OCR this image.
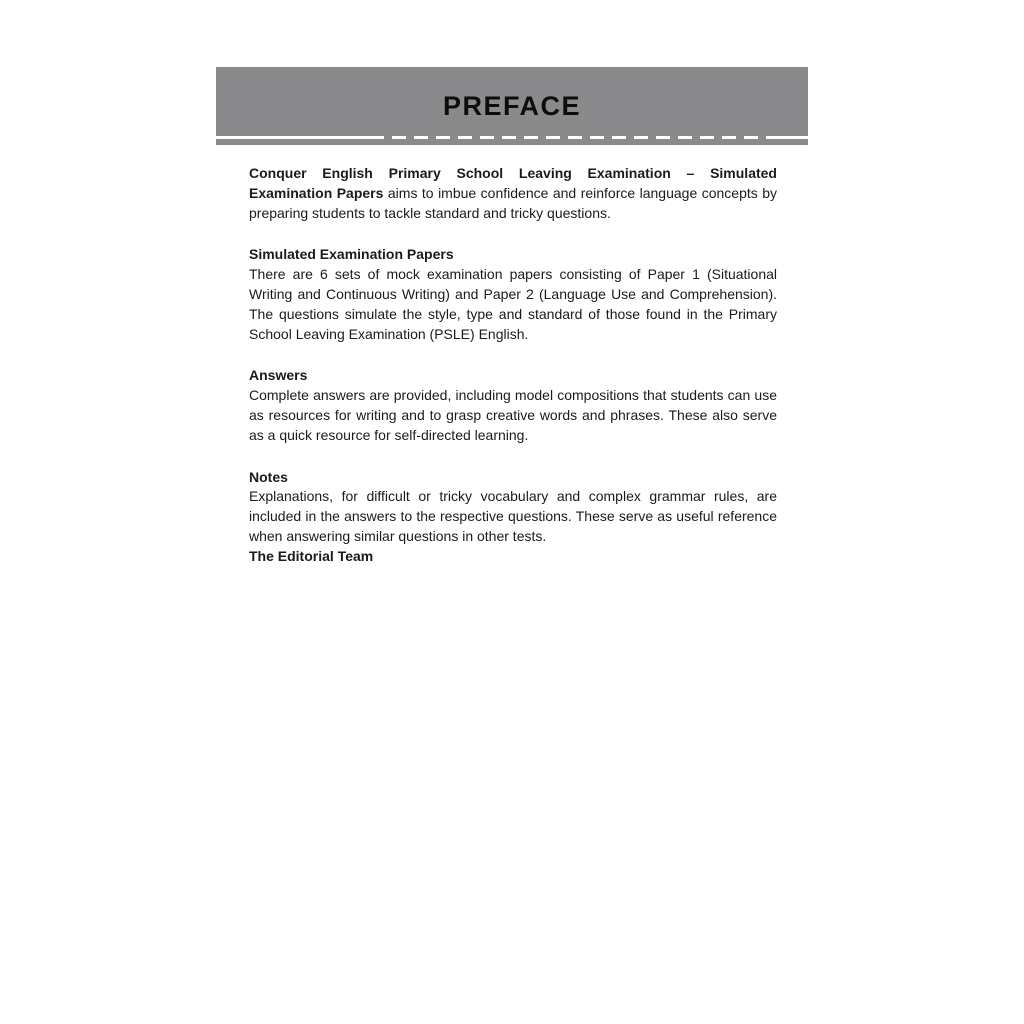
PREFACE

Conquer English Primary School Leaving Examination – Simulated Examination Papers aims to imbue confidence and reinforce language concepts by preparing students to tackle standard and tricky questions.

Simulated Examination Papers

There are 6 sets of mock examination papers consisting of Paper 1 (Situational Writing and Continuous Writing) and Paper 2 (Language Use and Comprehension). The questions simulate the style, type and standard of those found in the Primary School Leaving Examination (PSLE) English.

Answers

Complete answers are provided, including model compositions that students can use as resources for writing and to grasp creative words and phrases. These also serve as a quick resource for self-directed learning.

Notes

Explanations, for difficult or tricky vocabulary and complex grammar rules, are included in the answers to the respective questions. These serve as useful reference when answering similar questions in other tests.

The Editorial Team
